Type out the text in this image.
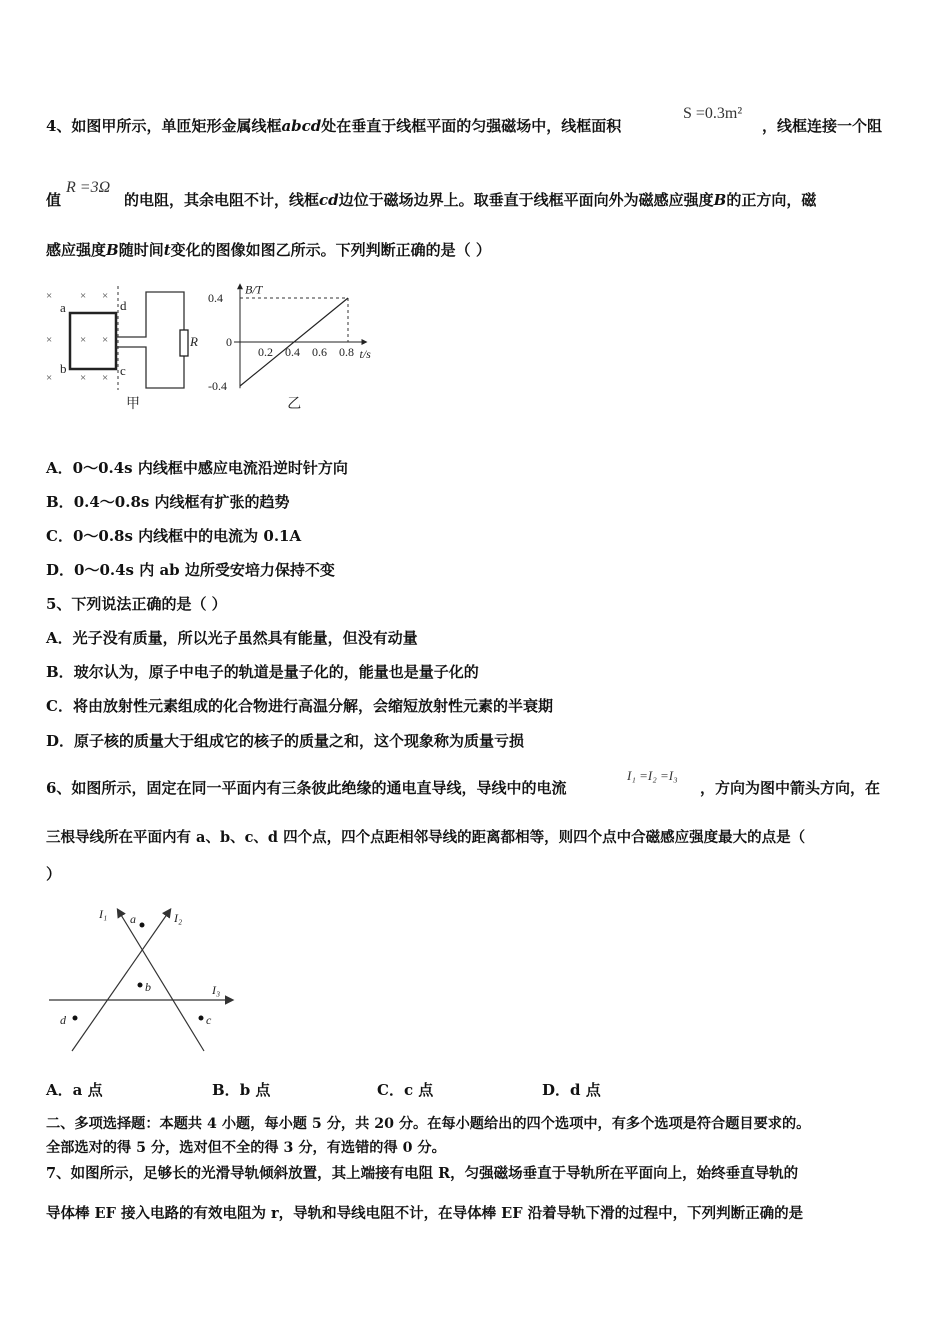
4、如图甲所示，单匝矩形金属线框abcd处在垂直于线框平面的匀强磁场中，线框面积
S =0.3m²
，线框连接一个阻
值
R =3Ω
的电阻，其余电阻不计，线框cd边位于磁场边界上。取垂直于线框平面向外为磁感应强度B的正方向，磁
感应强度B随时间t变化的图像如图乙所示。下列判断正确的是（ ）
×
×
×
×
×
×
×
×
×
a
b	c
d
R
甲
0.2 0.4 0.6 0.8
0.4
0
-0.4
B/T
t/s
乙
A．0～0.4s 内线框中感应电流沿逆时针方向
B．0.4～0.8s 内线框有扩张的趋势
C．0～0.8s 内线框中的电流为 0.1A
D．0～0.4s 内 ab 边所受安培力保持不变
5、下列说法正确的是（ ）
A．光子没有质量，所以光子虽然具有能量，但没有动量
B．玻尔认为，原子中电子的轨道是量子化的，能量也是量子化的
C．将由放射性元素组成的化合物进行高温分解，会缩短放射性元素的半衰期
D．原子核的质量大于组成它的核子的质量之和，这个现象称为质量亏损
6、如图所示，固定在同一平面内有三条彼此绝缘的通电直导线，导线中的电流
I₁ =I₂ =I₃
，方向为图中箭头方向，在
三根导线所在平面内有 a、b、c、d 四个点，四个点距相邻导线的距离都相等，则四个点中合磁感应强度最大的点是（
）
I₁	I₂
I₃
a
b
c
d
A．a 点	B．b 点	C．c 点	D．d 点
二、多项选择题：本题共 4 小题，每小题 5 分，共 20 分。在每小题给出的四个选项中，有多个选项是符合题目要求的。
全部选对的得 5 分，选对但不全的得 3 分，有选错的得 0 分。
7、如图所示，足够长的光滑导轨倾斜放置，其上端接有电阻 R，匀强磁场垂直于导轨所在平面向上，始终垂直导轨的
导体棒 EF 接入电路的有效电阻为 r，导轨和导线电阻不计，在导体棒 EF 沿着导轨下滑的过程中，下列判断正确的是
